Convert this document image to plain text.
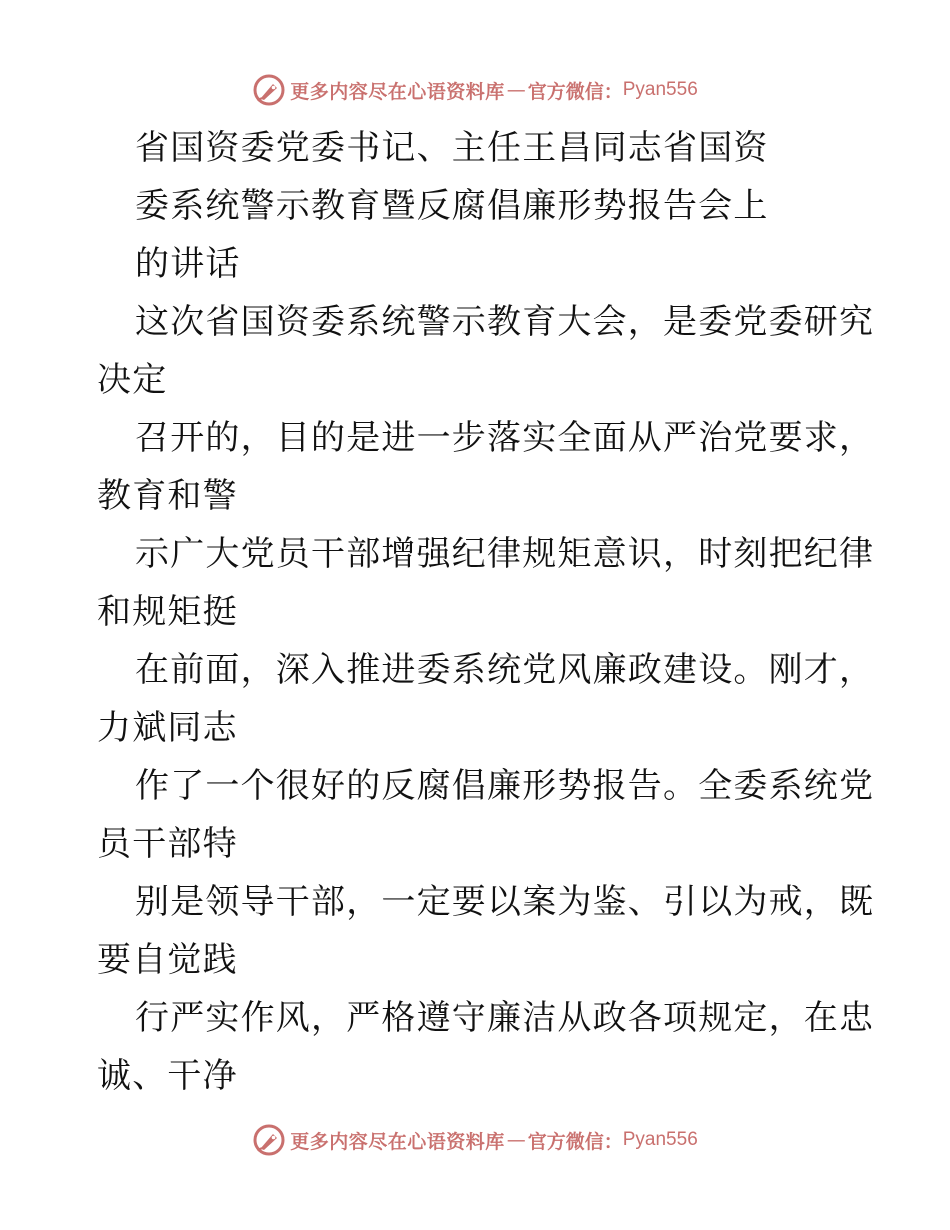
更多内容尽在心语资料库 — 官方微信： Pyan556
省国资委党委书记、主任王昌同志省国资
委系统警示教育暨反腐倡廉形势报告会上
的讲话
这次省国资委系统警示教育大会，是委党委研究
决定
召开的，目的是进一步落实全面从严治党要求，
教育和警
示广大党员干部增强纪律规矩意识，时刻把纪律
和规矩挺
在前面，深入推进委系统党风廉政建设。刚才，
力斌同志
作了一个很好的反腐倡廉形势报告。全委系统党
员干部特
别是领导干部，一定要以案为鉴、引以为戒，既
要自觉践
行严实作风，严格遵守廉洁从政各项规定，在忠
诚、干净
更多内容尽在心语资料库 — 官方微信： Pyan556
